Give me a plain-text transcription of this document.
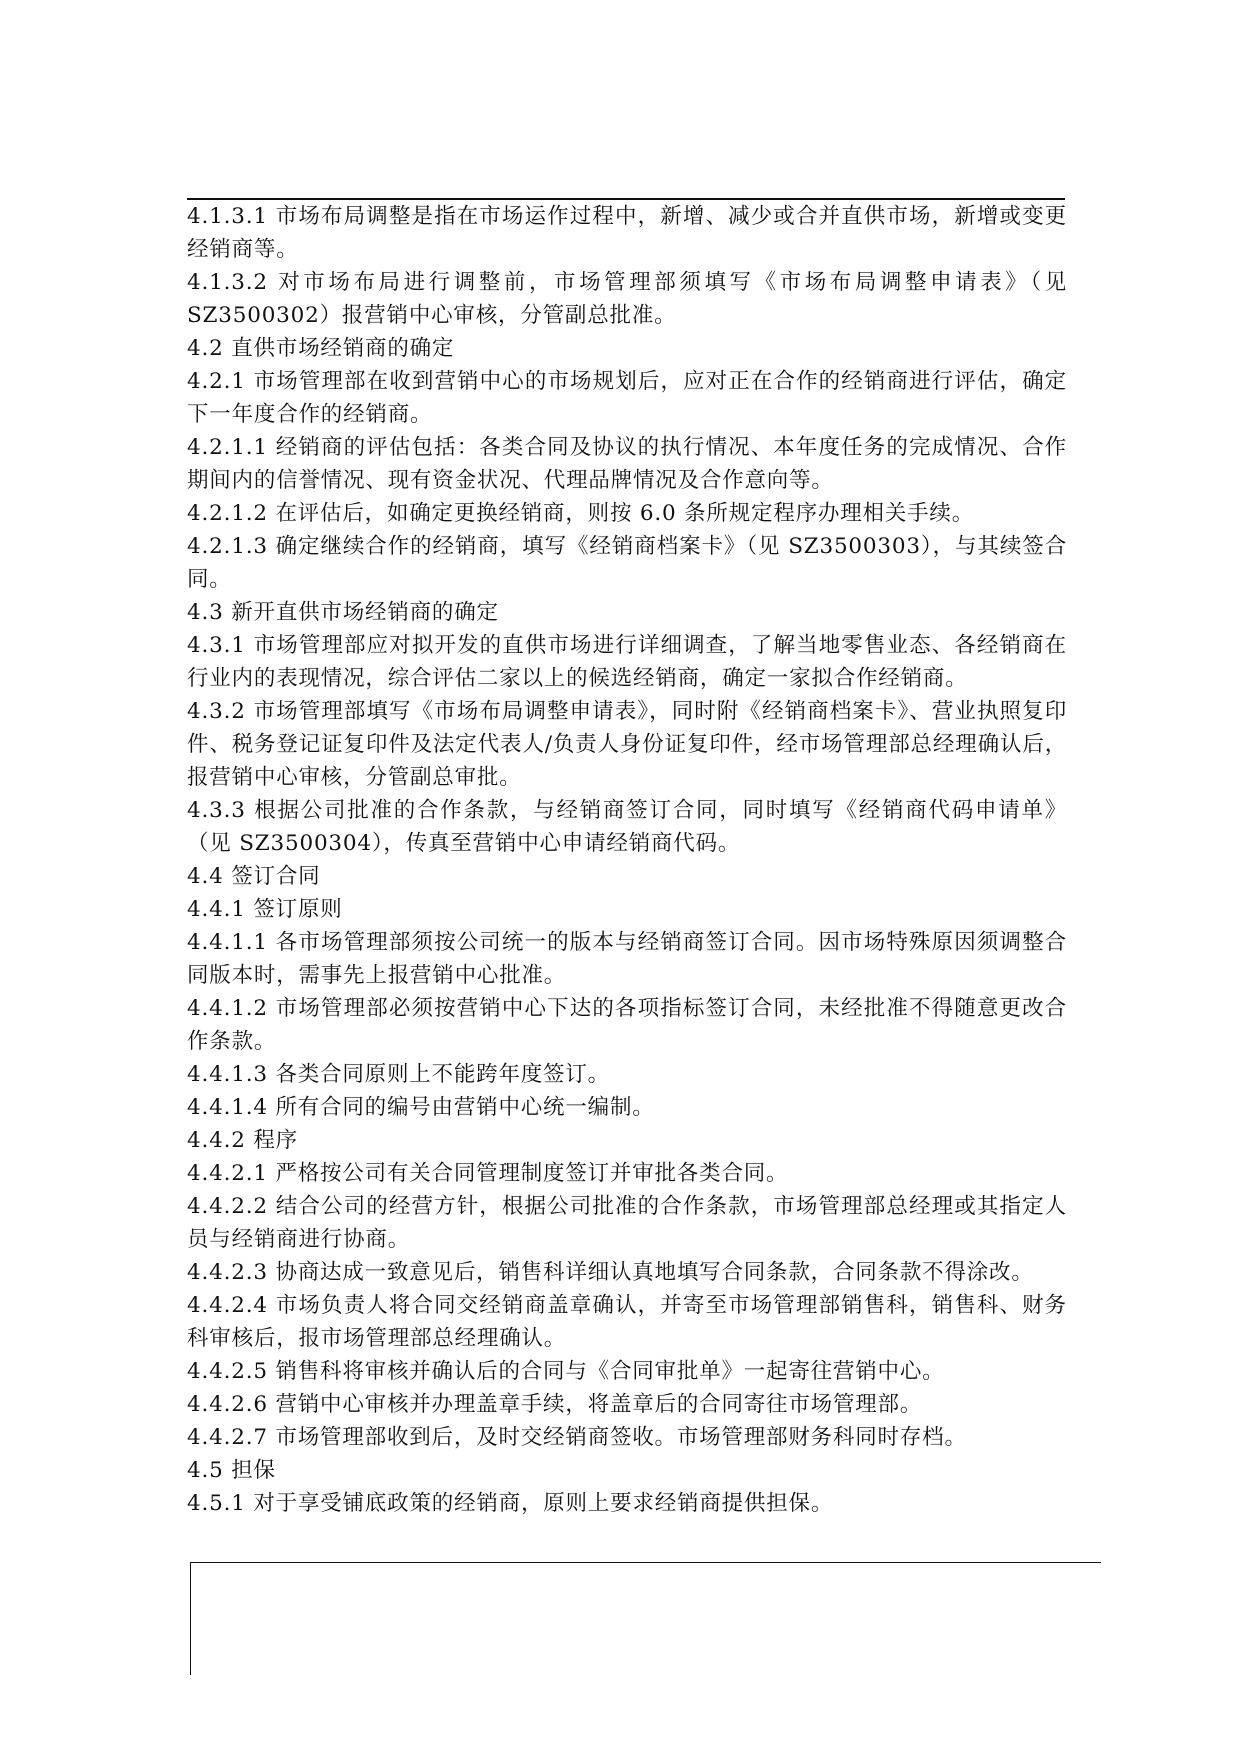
4.1.3.1 市场布局调整是指在市场运作过程中，新增、减少或合并直供市场，新增或变更经销商等。

4.1.3.2 对市场布局进行调整前，市场管理部须填写《市场布局调整申请表》（见 SZ3500302）报营销中心审核，分管副总批准。

4.2 直供市场经销商的确定

4.2.1 市场管理部在收到营销中心的市场规划后，应对正在合作的经销商进行评估，确定下一年度合作的经销商。

4.2.1.1 经销商的评估包括：各类合同及协议的执行情况、本年度任务的完成情况、合作期间内的信誉情况、现有资金状况、代理品牌情况及合作意向等。

4.2.1.2 在评估后，如确定更换经销商，则按 6.0 条所规定程序办理相关手续。

4.2.1.3 确定继续合作的经销商，填写《经销商档案卡》（见 SZ3500303），与其续签合同。

4.3 新开直供市场经销商的确定

4.3.1 市场管理部应对拟开发的直供市场进行详细调查，了解当地零售业态、各经销商在行业内的表现情况，综合评估二家以上的候选经销商，确定一家拟合作经销商。

4.3.2 市场管理部填写《市场布局调整申请表》，同时附《经销商档案卡》、营业执照复印件、税务登记证复印件及法定代表人/负责人身份证复印件，经市场管理部总经理确认后，报营销中心审核，分管副总审批。

4.3.3 根据公司批准的合作条款，与经销商签订合同，同时填写《经销商代码申请单》（见 SZ3500304），传真至营销中心申请经销商代码。

4.4 签订合同

4.4.1 签订原则

4.4.1.1 各市场管理部须按公司统一的版本与经销商签订合同。因市场特殊原因须调整合同版本时，需事先上报营销中心批准。

4.4.1.2 市场管理部必须按营销中心下达的各项指标签订合同，未经批准不得随意更改合作条款。

4.4.1.3 各类合同原则上不能跨年度签订。

4.4.1.4 所有合同的编号由营销中心统一编制。

4.4.2 程序

4.4.2.1 严格按公司有关合同管理制度签订并审批各类合同。

4.4.2.2 结合公司的经营方针，根据公司批准的合作条款，市场管理部总经理或其指定人员与经销商进行协商。

4.4.2.3 协商达成一致意见后，销售科详细认真地填写合同条款，合同条款不得涂改。

4.4.2.4 市场负责人将合同交经销商盖章确认，并寄至市场管理部销售科，销售科、财务科审核后，报市场管理部总经理确认。

4.4.2.5 销售科将审核并确认后的合同与《合同审批单》一起寄往营销中心。

4.4.2.6 营销中心审核并办理盖章手续，将盖章后的合同寄往市场管理部。

4.4.2.7 市场管理部收到后，及时交经销商签收。市场管理部财务科同时存档。

4.5 担保

4.5.1 对于享受铺底政策的经销商，原则上要求经销商提供担保。
